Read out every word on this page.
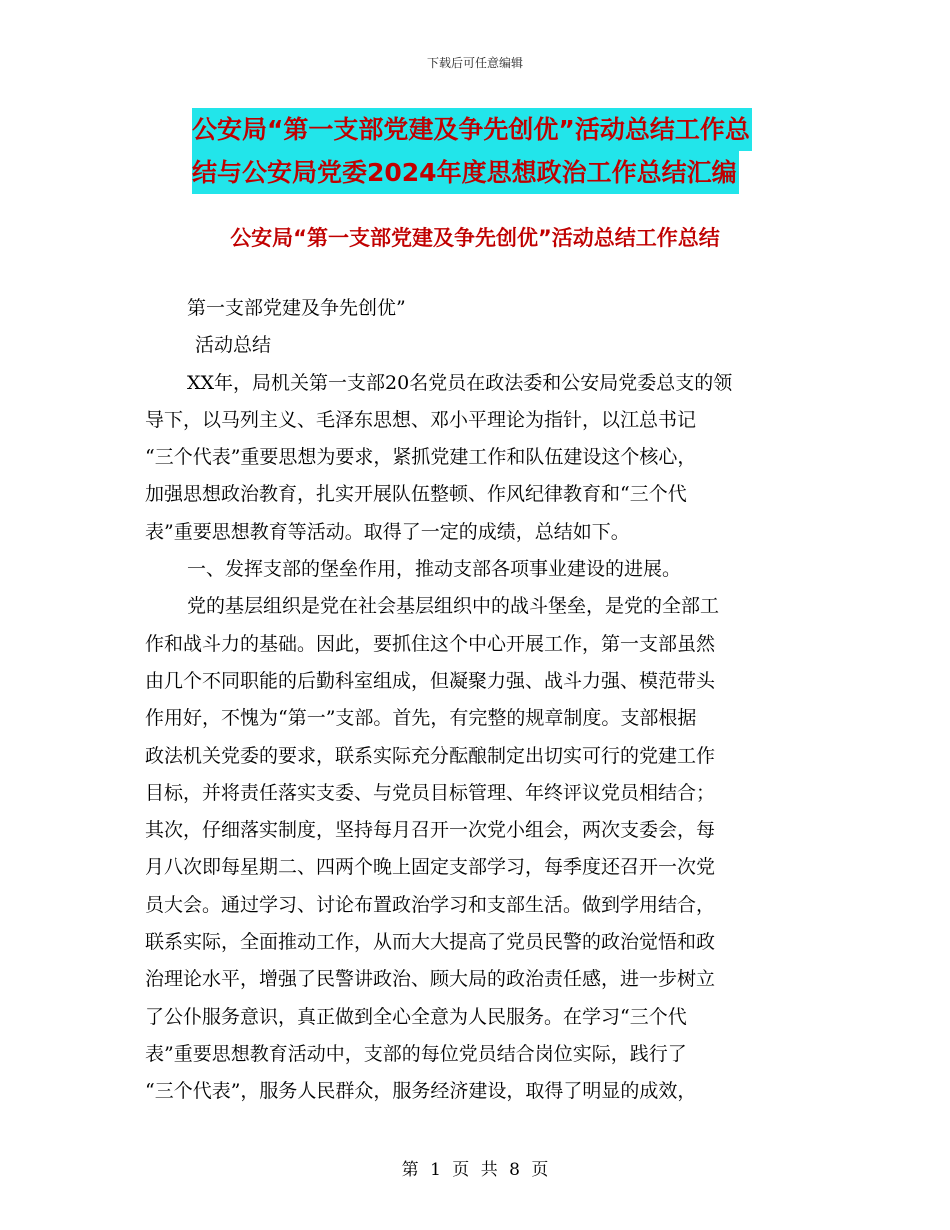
下载后可任意编辑
公安局“第一支部党建及争先创优”活动总结工作总
结与公安局党委2024年度思想政治工作总结汇编
公安局“第一支部党建及争先创优”活动总结工作总结
第一支部党建及争先创优”
活动总结
XX年，局机关第一支部20名党员在政法委和公安局党委总支的领
导下，以马列主义、毛泽东思想、邓小平理论为指针，以江总书记
“三个代表”重要思想为要求，紧抓党建工作和队伍建设这个核心，
加强思想政治教育，扎实开展队伍整顿、作风纪律教育和“三个代
表”重要思想教育等活动。取得了一定的成绩，总结如下。
一、发挥支部的堡垒作用，推动支部各项事业建设的进展。
党的基层组织是党在社会基层组织中的战斗堡垒，是党的全部工
作和战斗力的基础。因此，要抓住这个中心开展工作，第一支部虽然
由几个不同职能的后勤科室组成，但凝聚力强、战斗力强、模范带头
作用好，不愧为“第一”支部。首先，有完整的规章制度。支部根据
政法机关党委的要求，联系实际充分酝酿制定出切实可行的党建工作
目标，并将责任落实支委、与党员目标管理、年终评议党员相结合；
其次，仔细落实制度，坚持每月召开一次党小组会，两次支委会，每
月八次即每星期二、四两个晚上固定支部学习，每季度还召开一次党
员大会。通过学习、讨论布置政治学习和支部生活。做到学用结合，
联系实际，全面推动工作，从而大大提高了党员民警的政治觉悟和政
治理论水平，增强了民警讲政治、顾大局的政治责任感，进一步树立
了公仆服务意识，真正做到全心全意为人民服务。在学习“三个代
表”重要思想教育活动中，支部的每位党员结合岗位实际，践行了
“三个代表”，服务人民群众，服务经济建设，取得了明显的成效，
第 1 页 共 8 页
